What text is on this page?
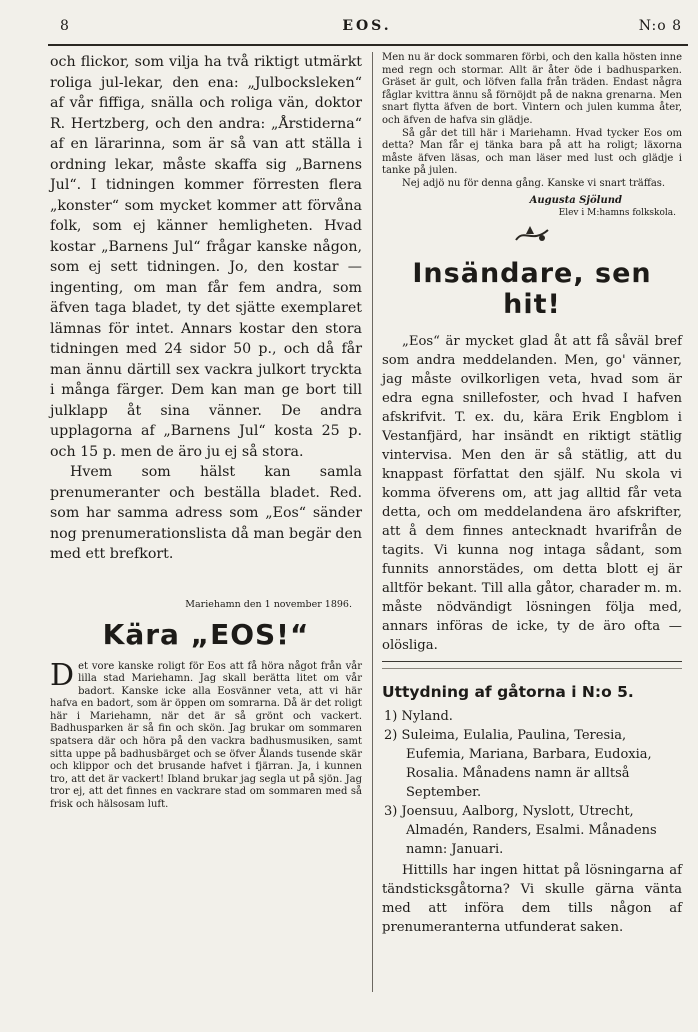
8	EOS.	N:o 8

och flickor, som vilja ha två riktigt utmärkt roliga jul-lekar, den ena: „Julbocksleken“ af vår fiffiga, snälla och roliga vän, doktor R. Hertzberg, och den andra: „Årstiderna“ af en lärarinna, som är så van att ställa i ordning lekar, måste skaffa sig „Barnens Jul“. I tidningen kommer förresten flera „konster“ som mycket kommer att förvåna folk, som ej känner hemligheten. Hvad kostar „Barnens Jul“ frågar kanske någon, som ej sett tidningen. Jo, den kostar — ingenting, om man får fem andra, som äfven taga bladet, ty det sjätte exemplaret lämnas för intet. Annars kostar den stora tidningen med 24 sidor 50 p., och då får man ännu därtill sex vackra julkort tryckta i många färger. Dem kan man ge bort till julklapp åt sina vänner. De andra upplagorna af „Barnens Jul“ kosta 25 p. och 15 p. men de äro ju ej så stora.

Hvem som hälst kan samla prenumeranter och beställa bladet. Red. som har samma adress som „Eos“ sänder nog prenumerationslista då man begär den med ett brefkort.

Mariehamn den 1 november 1896.
Kära „EOS!“

D et vore kanske roligt för Eos att få höra något från vår lilla stad Mariehamn. Jag skall berätta litet om vår badort. Kanske icke alla Eosvänner veta, att vi här hafva en badort, som är öppen om somrarna. Då är det roligt här i Mariehamn, när det är så grönt och vackert. Badhusparken är så fin och skön. Jag brukar om sommaren spatsera där och höra på den vackra badhusmusiken, samt sitta uppe på badhusbärget och se öfver Ålands tusende skär och klippor och det brusande hafvet i fjärran. Ja, i kunnen tro, att det är vackert! Ibland brukar jag segla ut på sjön. Jag tror ej, att det finnes en vackrare stad om sommaren med så frisk och hälsosam luft.

Men nu är dock sommaren förbi, och den kalla hösten inne med regn och stormar. Allt är åter öde i badhusparken. Gräset är gult, och löfven falla från träden. Endast några fåglar kvittra ännu så förnöjdt på de nakna grenarna. Men snart flytta äfven de bort. Vintern och julen kumma åter, och äfven de hafva sin glädje.

Så går det till här i Mariehamn. Hvad tycker Eos om detta? Man får ej tänka bara på att ha roligt; läxorna måste äfven läsas, och man läser med lust och glädje i tanke på julen.

Nej adjö nu för denna gång. Kanske vi snart träffas.

Augusta Sjölund
Elev i M:hamns folkskola.
Insändare, sen hit!

„Eos“ är mycket glad åt att få såväl bref som andra meddelanden. Men, go' vänner, jag måste ovilkorligen veta, hvad som är edra egna snillefoster, och hvad I hafven afskrifvit. T. ex. du, kära Erik Engblom i Vestanfjärd, har insändt en riktigt stätlig vintervisa. Men den är så stätlig, att du knappast författat den själf. Nu skola vi komma öfverens om, att jag alltid får veta detta, och om meddelandena äro afskrifter, att å dem finnes antecknadt hvarifrån de tagits. Vi kunna nog intaga sådant, som funnits annorstädes, om detta blott ej är alltför bekant. Till alla gåtor, charader m. m. måste nödvändigt lösningen följa med, annars införas de icke, ty de äro ofta — olösliga.

Uttydning af gåtorna i N:o 5.

1) Nyland.

2) Suleima, Eulalia, Paulina, Teresia, Eufemia, Mariana, Barbara, Eudoxia, Rosalia. Månadens namn är alltså September.

3) Joensuu, Aalborg, Nyslott, Utrecht, Almadén, Randers, Esalmi. Månadens namn: Januari.

Hittills har ingen hittat på lösningarna af tändsticksgåtorna? Vi skulle gärna vänta med att införa dem tills någon af prenumeranterna utfunderat saken.
